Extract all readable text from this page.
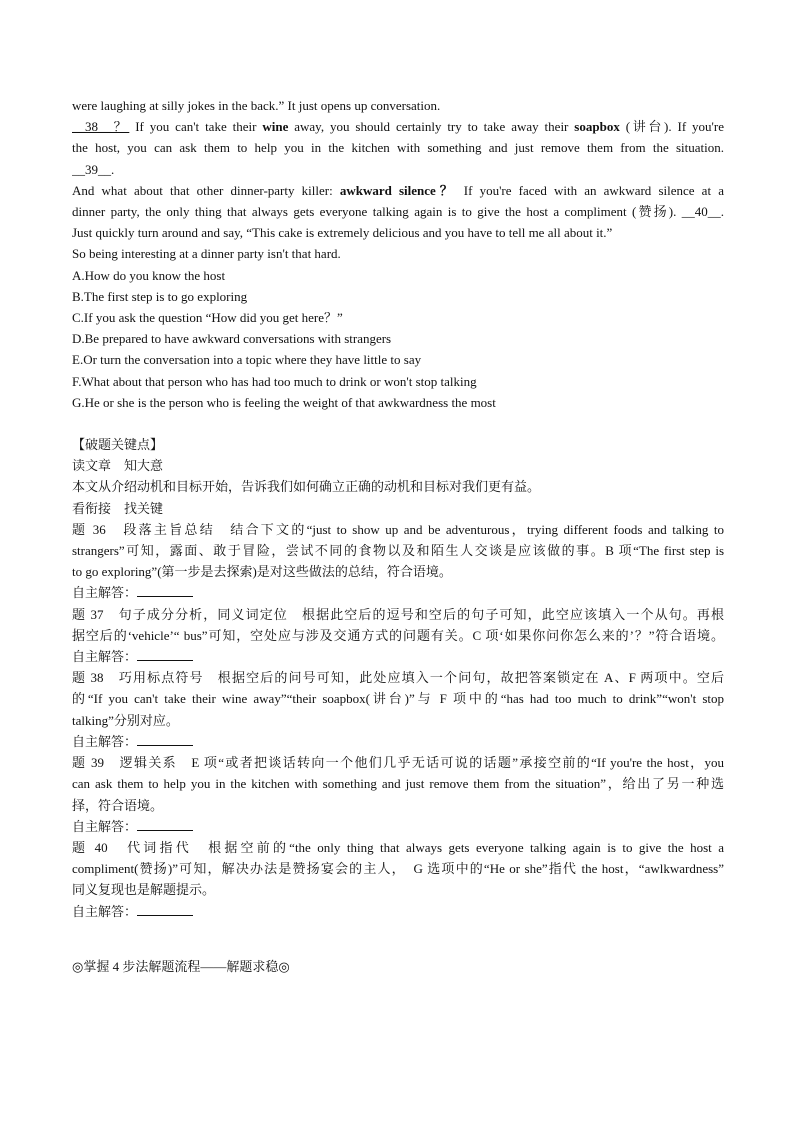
were laughing at silly jokes in the back.” It just opens up conversation.
__38__？ If you can't take their wine away, you should certainly try to take away their soapbox (讲台). If you're
the host, you can ask them to help you in the kitchen with something and just remove them from the situation.
__39__.
And what about that other dinner-party killer: awkward silence？ If you're faced with an awkward silence at a
dinner party, the only thing that always gets everyone talking again is to give the host a compliment (赞扬). __40__.
Just quickly turn around and say, “This cake is extremely delicious and you have to tell me all about it.”
So being interesting at a dinner party isn't that hard.
A.How do you know the host
B.The first step is to go exploring
C.If you ask the question “How did you get here？”
D.Be prepared to have awkward conversations with strangers
E.Or turn the conversation into a topic where they have little to say
F.What about that person who has had too much to drink or won't stop talking
G.He or she is the person who is feeling the weight of that awkwardness the most
【破题关键点】
读文章　知大意
本文从介绍动机和目标开始，告诉我们如何确立正确的动机和目标对我们更有益。
看衔接　找关键
题 36　段落主旨总结　结合下文的“just to show up and be adventurous，trying different foods and talking to
strangers”可知，露面、敢于冒险，尝试不同的食物以及和陌生人交谈是应该做的事。B 项“The first step is
to go exploring”(第一步是去探索)是对这些做法的总结，符合语境。
自主解答：
题 37　句子成分分析，同义词定位　根据此空后的逗号和空后的句子可知，此空应该填入一个从句。再根
据空后的‘vehicle’“ bus”可知，空处应与涉及交通方式的问题有关。C 项‘如果你问你怎么来的’？”符合语境。
自主解答：
题 38　巧用标点符号　根据空后的问号可知，此处应填入一个问句，故把答案锁定在 A、F 两项中。空后
的“If you can't take their wine away”“their soapbox(讲台)”与 F 项中的“has had too much to drink”“won't stop
talking”分别对应。
自主解答：
题 39　逻辑关系　E 项“或者把谈话转向一个他们几乎无话可说的话题”承接空前的“If you're the host，you
can ask them to help you in the kitchen with something and just remove them from the situation”，给出了另一种选
择，符合语境。
自主解答：
题 40　代词指代　根据空前的“the only thing that always gets everyone talking again is to give the host a
compliment(赞扬)”可知，解决办法是赞扬宴会的主人，　G 选项中的“He or she”指代 the host，“awlkwardness”
同义复现也是解题提示。
自主解答：
◎掌握 4 步法解题流程——解题求稳◎
